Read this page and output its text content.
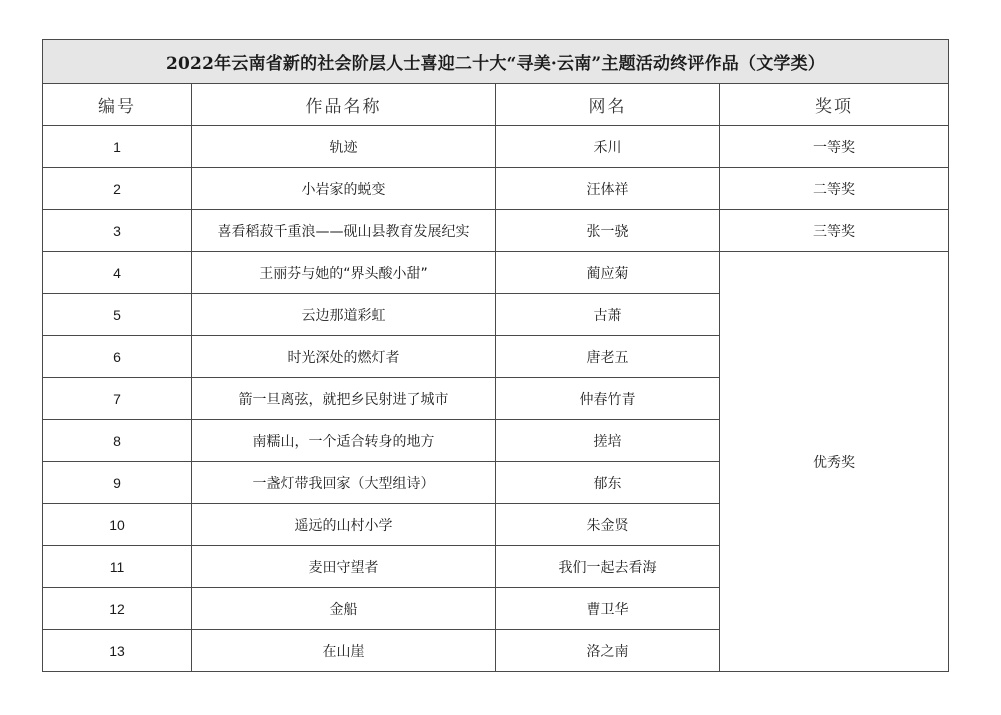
2022年云南省新的社会阶层人士喜迎二十大“寻美·云南”主题活动终评作品（文学类）			
编号	作品名称	网名	奖项
1	轨迹	禾川	一等奖
2	小岩家的蜕变	汪体祥	二等奖
3	喜看稻菽千重浪——砚山县教育发展纪实	张一骁	三等奖
4	王丽芬与她的“界头酸小甜”	蔺应菊	优秀奖
5	云边那道彩虹	古萧	
6	时光深处的燃灯者	唐老五	
7	箭一旦离弦，就把乡民射进了城市	仲春竹青	
8	南糯山，一个适合转身的地方	搓培	
9	一盏灯带我回家（大型组诗）	郁东	
10	遥远的山村小学	朱金贤	
11	麦田守望者	我们一起去看海	
12	金船	曹卫华	
13	在山崖	洛之南	
